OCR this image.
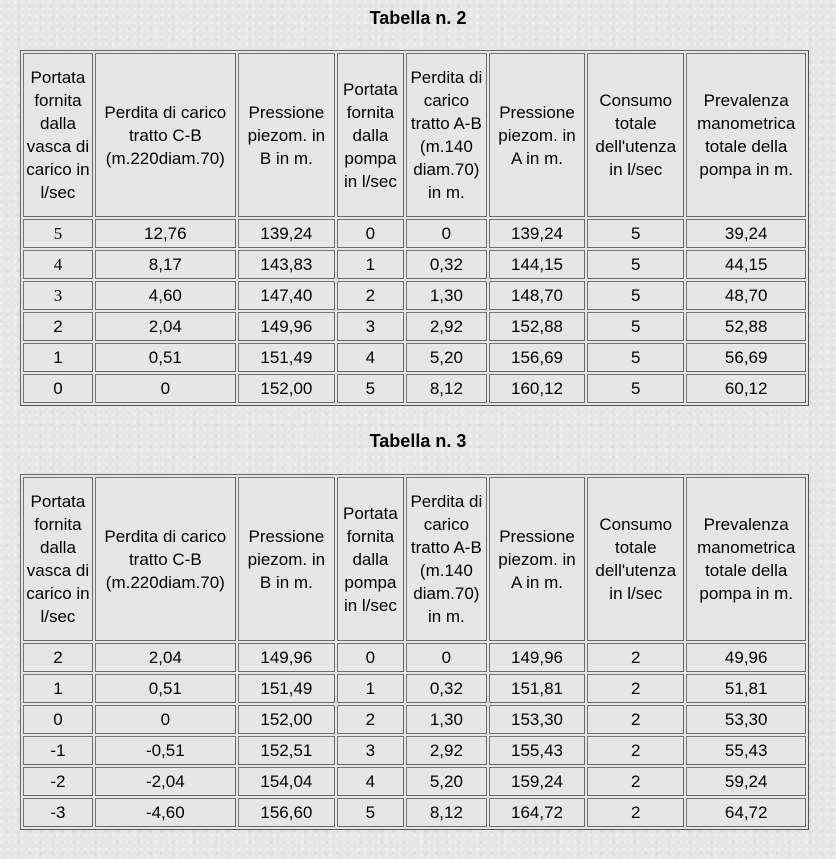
Tabella n. 2
Portata fornita dalla vasca di carico in l/sec	Perdita di carico tratto C-B (m.220diam.70)	Pressione piezom. in B in m.	Portata fornita dalla pompa in l/sec	Perdita di carico tratto A-B (m.140 diam.70) in m.	Pressione piezom. in A in m.	Consumo totale dell'utenza in l/sec	Prevalenza manometrica totale della pompa in m.
5	12,76	139,24	0	0	139,24	5	39,24
4	8,17	143,83	1	0,32	144,15	5	44,15
3	4,60	147,40	2	1,30	148,70	5	48,70
2	2,04	149,96	3	2,92	152,88	5	52,88
1	0,51	151,49	4	5,20	156,69	5	56,69
0	0	152,00	5	8,12	160,12	5	60,12
Tabella n. 3
Portata fornita dalla vasca di carico in l/sec	Perdita di carico tratto C-B (m.220diam.70)	Pressione piezom. in B in m.	Portata fornita dalla pompa in l/sec	Perdita di carico tratto A-B (m.140 diam.70) in m.	Pressione piezom. in A in m.	Consumo totale dell'utenza in l/sec	Prevalenza manometrica totale della pompa in m.
2	2,04	149,96	0	0	149,96	2	49,96
1	0,51	151,49	1	0,32	151,81	2	51,81
0	0	152,00	2	1,30	153,30	2	53,30
-1	-0,51	152,51	3	2,92	155,43	2	55,43
-2	-2,04	154,04	4	5,20	159,24	2	59,24
-3	-4,60	156,60	5	8,12	164,72	2	64,72
